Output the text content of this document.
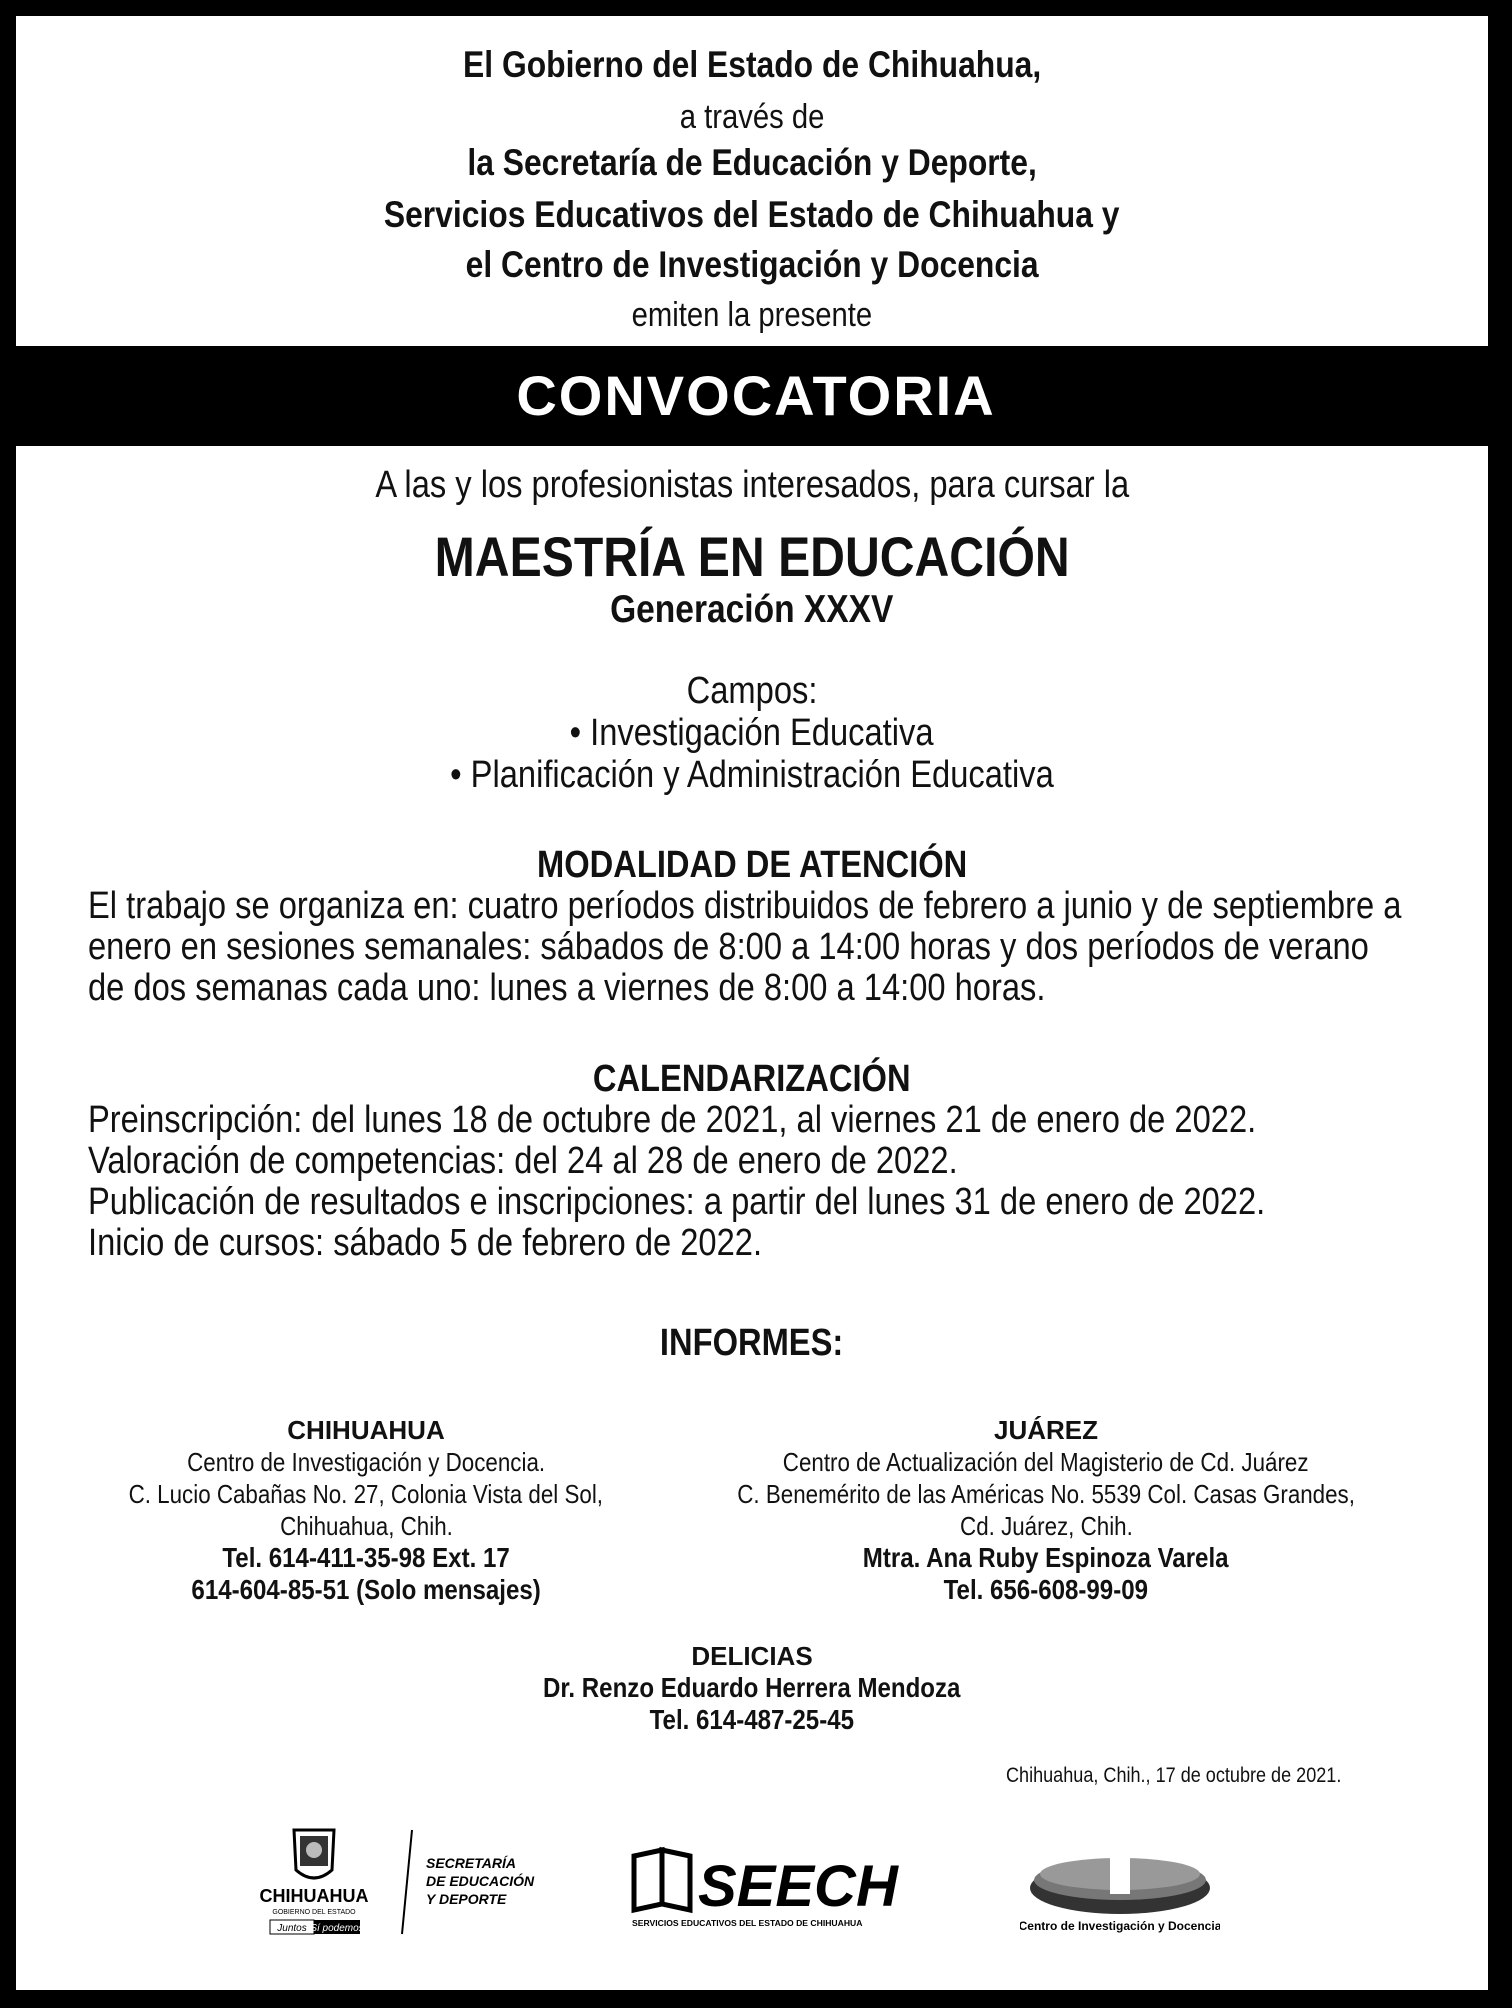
El Gobierno del Estado de Chihuahua,
a través de
la Secretaría de Educación y Deporte,
Servicios Educativos del Estado de Chihuahua y
el Centro de Investigación y Docencia
emiten la presente
CONVOCATORIA
A las y los profesionistas interesados, para cursar la
MAESTRÍA EN EDUCACIÓN
Generación XXXV
Campos:
• Investigación Educativa
• Planificación y Administración Educativa
MODALIDAD DE ATENCIÓN
El trabajo se organiza en: cuatro períodos distribuidos de febrero a junio y de septiembre a
enero en sesiones semanales: sábados de 8:00 a 14:00 horas y dos períodos de verano
de dos semanas cada uno: lunes a viernes de 8:00 a 14:00 horas.
CALENDARIZACIÓN
Preinscripción: del lunes 18 de octubre de 2021, al viernes 21 de enero de 2022.
Valoración de competencias: del 24 al 28 de enero de 2022.
Publicación de resultados e inscripciones: a partir del lunes 31 de enero de 2022.
Inicio de cursos: sábado 5 de febrero de 2022.
INFORMES:
CHIHUAHUA
Centro de Investigación y Docencia.
C. Lucio Cabañas No. 27, Colonia Vista del Sol,
Chihuahua, Chih.
Tel. 614-411-35-98 Ext. 17
614-604-85-51 (Solo mensajes)
JUÁREZ
Centro de Actualización del Magisterio de Cd. Juárez
C. Benemérito de las Américas No. 5539 Col. Casas Grandes,
Cd. Juárez, Chih.
Mtra. Ana Ruby Espinoza Varela
Tel. 656-608-99-09
DELICIAS
Dr. Renzo Eduardo Herrera Mendoza
Tel. 614-487-25-45
Chihuahua, Chih., 17 de octubre de 2021.
CHIHUAHUA
GOBIERNO DEL ESTADO
Juntos Sí podemos
SECRETARÍA
DE EDUCACIÓN
Y DEPORTE	SEECH
SERVICIOS EDUCATIVOS DEL ESTADO DE CHIHUAHUA	Centro de Investigación y Docencia
